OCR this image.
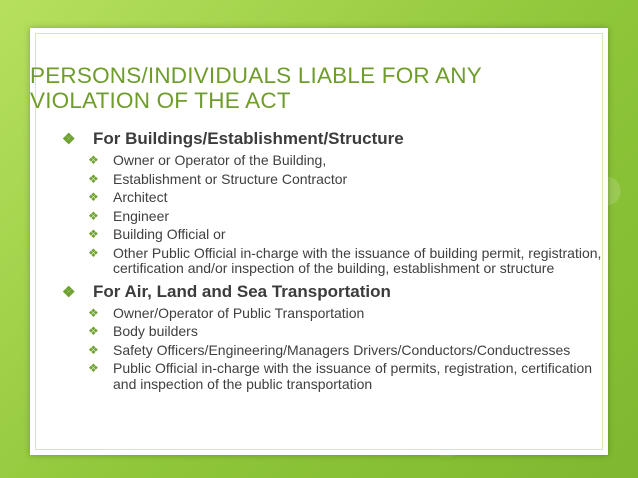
PERSONS/INDIVIDUALS LIABLE FOR ANY
VIOLATION OF THE ACT
❖ For Buildings/Establishment/Structure
❖ Owner or Operator of the Building,
❖ Establishment or Structure Contractor
❖ Architect
❖ Engineer
❖ Building Official or
❖ Other Public Official in-charge with the issuance of building permit, registration, certification and/or inspection of the building, establishment or structure
❖ For Air, Land and Sea Transportation
❖ Owner/Operator of Public Transportation
❖ Body builders
❖ Safety Officers/Engineering/Managers Drivers/Conductors/Conductresses
❖ Public Official in-charge with the issuance of permits, registration, certification and inspection of the public transportation
